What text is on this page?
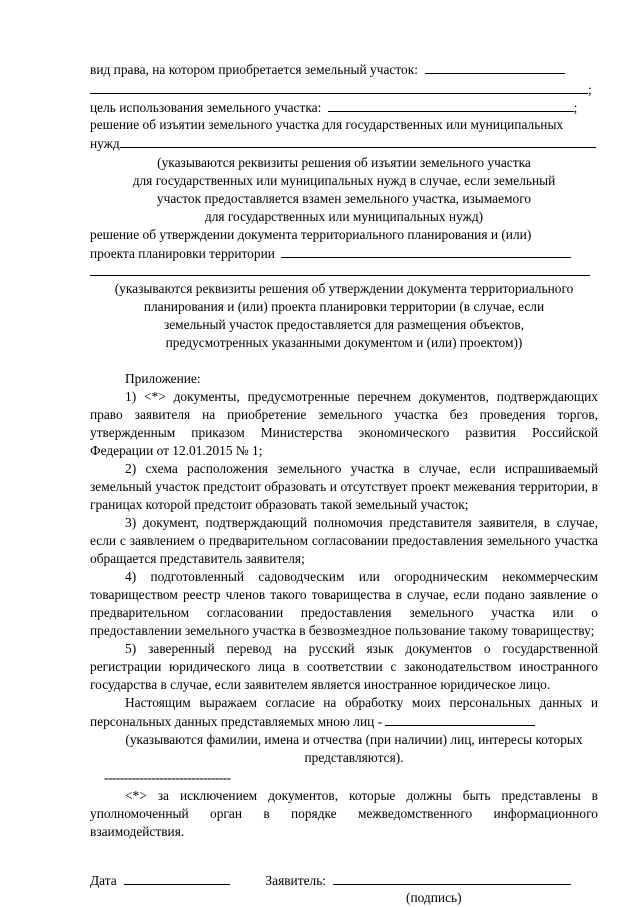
вид права, на котором приобретается земельный участок:
;
цель использования земельного участка:	;
решение об изъятии земельного участка для государственных или муниципальных
нужд
(указываются реквизиты решения об изъятии земельного участка
для государственных или муниципальных нужд в случае, если земельный
участок предоставляется взамен земельного участка, изымаемого
для государственных или муниципальных нужд)
решение об утверждении документа территориального планирования и (или)
проекта планировки территории
(указываются реквизиты решения об утверждении документа территориального
планирования и (или) проекта планировки территории (в случае, если
земельный участок предоставляется для размещения объектов,
предусмотренных указанными документом и (или) проектом))

Приложение:

1) <*> документы, предусмотренные перечнем документов, подтверждающих право заявителя на приобретение земельного участка без проведения торгов, утвержденным приказом Министерства экономического развития Российской Федерации от 12.01.2015 № 1;

2) схема расположения земельного участка в случае, если испрашиваемый земельный участок предстоит образовать и отсутствует проект межевания территории, в границах которой предстоит образовать такой земельный участок;

3) документ, подтверждающий полномочия представителя заявителя, в случае, если с заявлением о предварительном согласовании предоставления земельного участка обращается представитель заявителя;

4) подготовленный садоводческим или огородническим некоммерческим товариществом реестр членов такого товарищества в случае, если подано заявление о предварительном согласовании предоставления земельного участка или о предоставлении земельного участка в безвозмездное пользование такому товариществу;

5) заверенный перевод на русский язык документов о государственной регистрации юридического лица в соответствии с законодательством иностранного государства в случае, если заявителем является иностранное юридическое лицо.

Настоящим выражаем согласие на обработку моих персональных данных и персональных данных представляемых мною лиц -

(указываются фамилии, имена и отчества (при наличии) лиц, интересы которых представляются).

--------------------------------

<*> за исключением документов, которые должны быть представлены в уполномоченный орган в порядке межведомственного информационного взаимодействия.

Дата	Заявитель:
(подпись)
